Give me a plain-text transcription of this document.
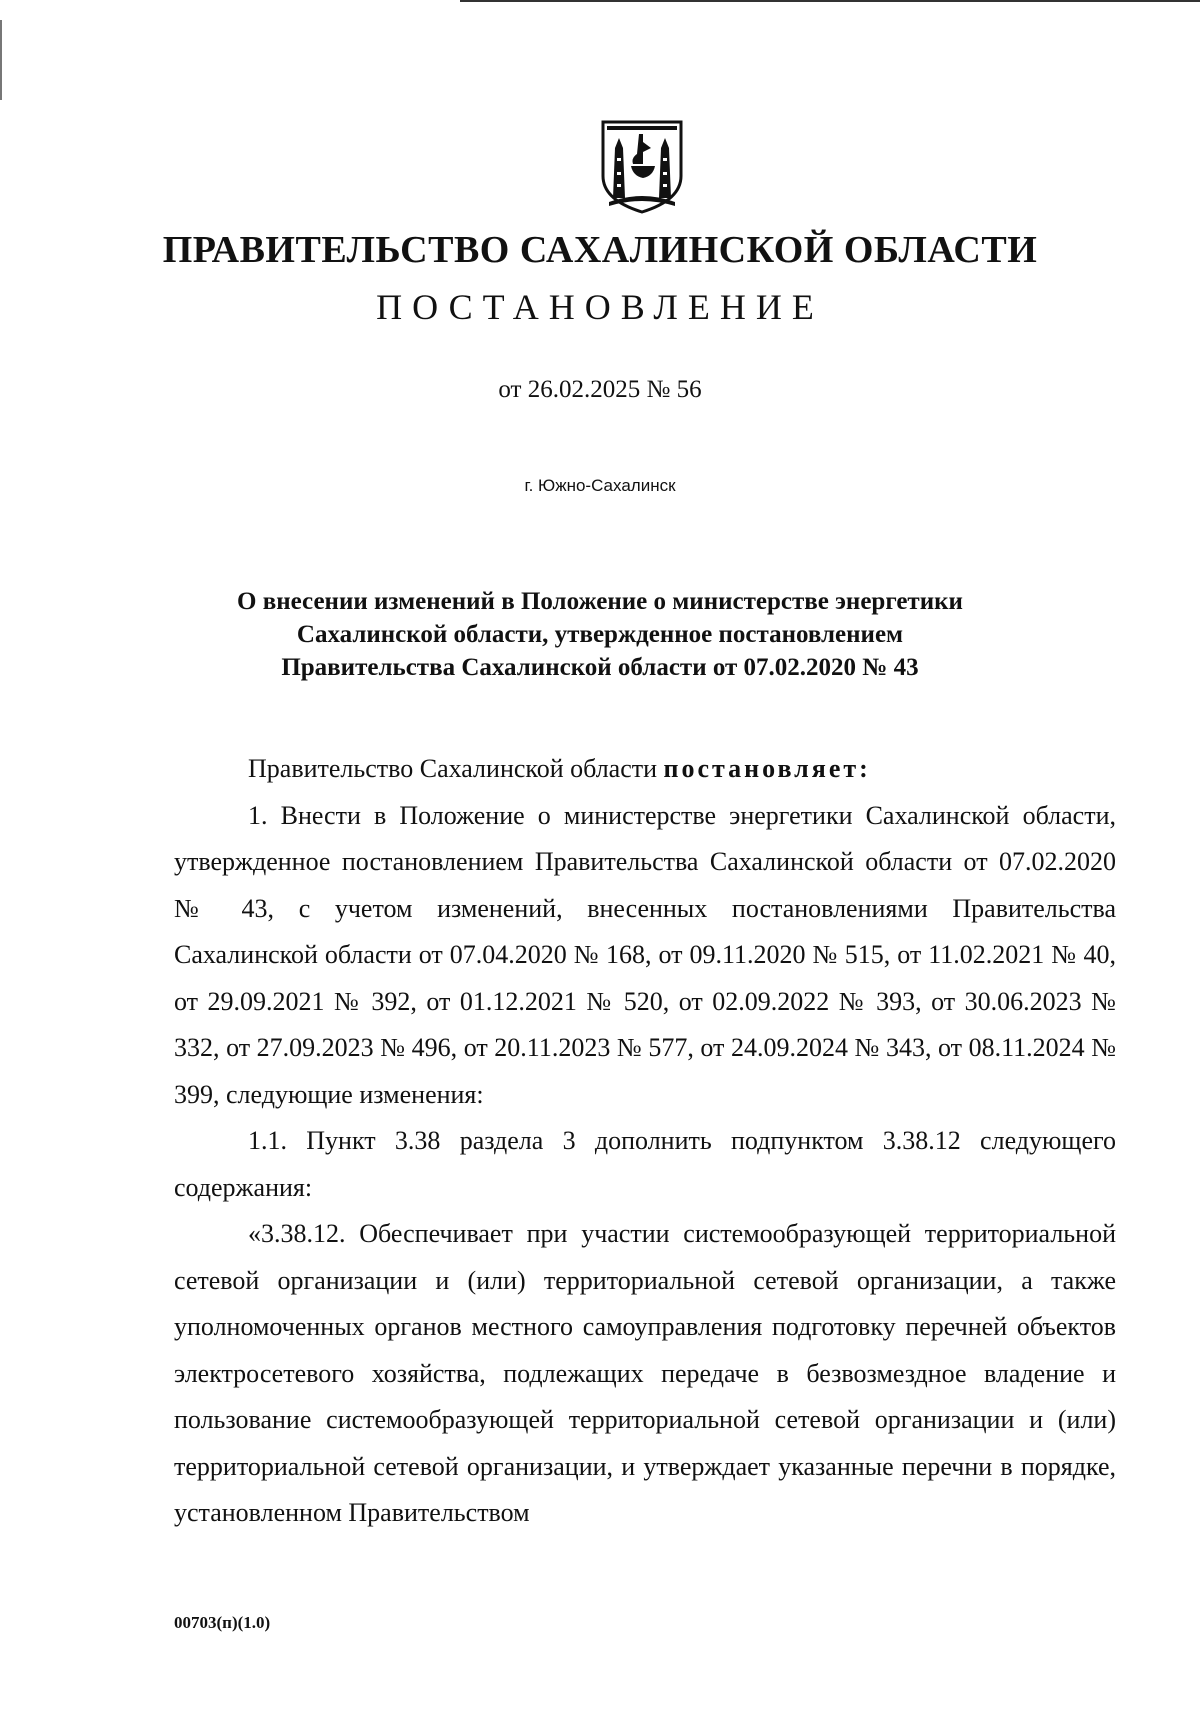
ПРАВИТЕЛЬСТВО САХАЛИНСКОЙ ОБЛАСТИ
ПОСТАНОВЛЕНИЕ
от 26.02.2025 № 56
г. Южно-Сахалинск
О внесении изменений в Положение о министерстве энергетики
Сахалинской области, утвержденное постановлением
Правительства Сахалинской области от 07.02.2020 № 43

Правительство Сахалинской области постановляет:

1. Внести в Положение о министерстве энергетики Сахалинской области, утвержденное постановлением Правительства Сахалинской области от 07.02.2020 № 43, с учетом изменений, внесенных постановлениями Правительства Сахалинской области от 07.04.2020 № 168, от 09.11.2020 № 515, от 11.02.2021 № 40, от 29.09.2021 № 392, от 01.12.2021 № 520, от 02.09.2022 № 393, от 30.06.2023 № 332, от 27.09.2023 № 496, от 20.11.2023 № 577, от 24.09.2024 № 343, от 08.11.2024 № 399, следующие изменения:

1.1. Пункт 3.38 раздела 3 дополнить подпунктом 3.38.12 следующего содержания:

«3.38.12. Обеспечивает при участии системообразующей территориальной сетевой организации и (или) территориальной сетевой организации, а также уполномоченных органов местного самоуправления подготовку перечней объектов электросетевого хозяйства, подлежащих передаче в безвозмездное владение и пользование системообразующей территориальной сетевой организации и (или) территориальной сетевой организации, и утверждает указанные перечни в порядке, установленном Правительством

00703(п)(1.0)
